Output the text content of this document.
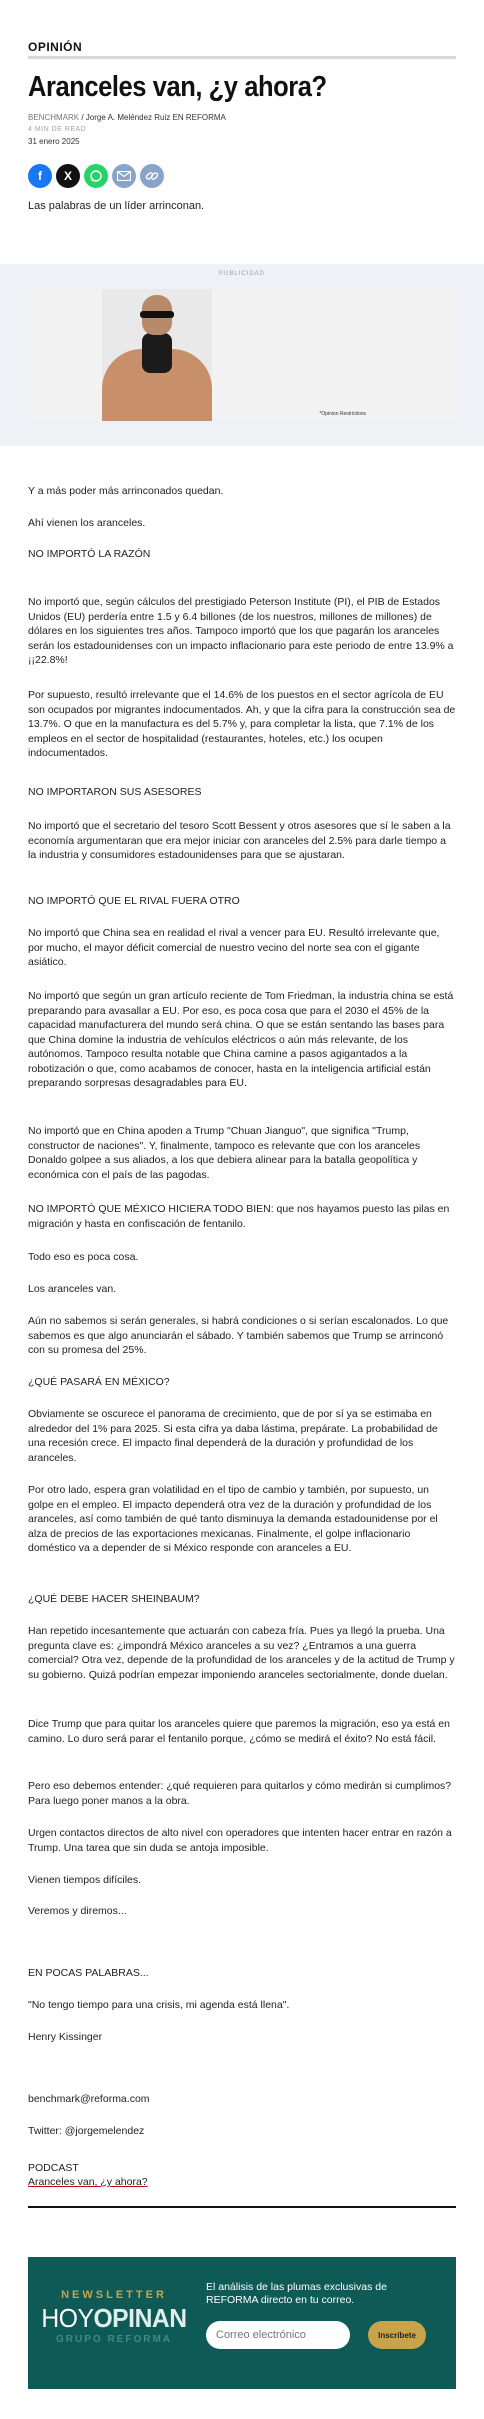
OPINIÓN
Aranceles van, ¿y ahora?
BENCHMARK / Jorge A. Meléndez Ruiz EN REFORMA
4 MIN DE READ
31 enero 2025
f	X
Las palabras de un líder arrinconan.
PUBLICIDAD
*Opinion Restrictions

Y a más poder más arrinconados quedan.

Ahí vienen los aranceles.

NO IMPORTÓ LA RAZÓN

No importó que, según cálculos del prestigiado Peterson Institute (PI), el PIB de Estados Unidos (EU) perdería entre 1.5 y 6.4 billones (de los nuestros, millones de millones) de dólares en los siguientes tres años. Tampoco importó que los que pagarán los aranceles serán los estadounidenses con un impacto inflacionario para este periodo de entre 13.9% a ¡¡22.8%!

Por supuesto, resultó irrelevante que el 14.6% de los puestos en el sector agrícola de EU son ocupados por migrantes indocumentados. Ah, y que la cifra para la construcción sea de 13.7%. O que en la manufactura es del 5.7% y, para completar la lista, que 7.1% de los empleos en el sector de hospitalidad (restaurantes, hoteles, etc.) los ocupen indocumentados.

NO IMPORTARON SUS ASESORES

No importó que el secretario del tesoro Scott Bessent y otros asesores que sí le saben a la economía argumentaran que era mejor iniciar con aranceles del 2.5% para darle tiempo a la industria y consumidores estadounidenses para que se ajustaran.

NO IMPORTÓ QUE EL RIVAL FUERA OTRO

No importó que China sea en realidad el rival a vencer para EU. Resultó irrelevante que, por mucho, el mayor déficit comercial de nuestro vecino del norte sea con el gigante asiático.

No importó que según un gran artículo reciente de Tom Friedman, la industria china se está preparando para avasallar a EU. Por eso, es poca cosa que para el 2030 el 45% de la capacidad manufacturera del mundo será china. O que se están sentando las bases para que China domine la industria de vehículos eléctricos o aún más relevante, de los autónomos. Tampoco resulta notable que China camine a pasos agigantados a la robotización o que, como acabamos de conocer, hasta en la inteligencia artificial están preparando sorpresas desagradables para EU.

No importó que en China apoden a Trump "Chuan Jianguo", que significa "Trump, constructor de naciones". Y, finalmente, tampoco es relevante que con los aranceles Donaldo golpee a sus aliados, a los que debiera alinear para la batalla geopolítica y económica con el país de las pagodas.

NO IMPORTÓ QUE MÉXICO HICIERA TODO BIEN: que nos hayamos puesto las pilas en migración y hasta en confiscación de fentanilo.

Todo eso es poca cosa.

Los aranceles van.

Aún no sabemos si serán generales, si habrá condiciones o si serían escalonados. Lo que sabemos es que algo anunciarán el sábado. Y también sabemos que Trump se arrinconó con su promesa del 25%.

¿QUÉ PASARÁ EN MÉXICO?

Obviamente se oscurece el panorama de crecimiento, que de por sí ya se estimaba en alrededor del 1% para 2025. Si esta cifra ya daba lástima, prepárate. La probabilidad de una recesión crece. El impacto final dependerá de la duración y profundidad de los aranceles.

Por otro lado, espera gran volatilidad en el tipo de cambio y también, por supuesto, un golpe en el empleo. El impacto dependerá otra vez de la duración y profundidad de los aranceles, así como también de qué tanto disminuya la demanda estadounidense por el alza de precios de las exportaciones mexicanas. Finalmente, el golpe inflacionario doméstico va a depender de si México responde con aranceles a EU.

¿QUÉ DEBE HACER SHEINBAUM?

Han repetido incesantemente que actuarán con cabeza fría. Pues ya llegó la prueba. Una pregunta clave es: ¿impondrá México aranceles a su vez? ¿Entramos a una guerra comercial? Otra vez, depende de la profundidad de los aranceles y de la actitud de Trump y su gobierno. Quizá podrían empezar imponiendo aranceles sectorialmente, donde duelan.

Dice Trump que para quitar los aranceles quiere que paremos la migración, eso ya está en camino. Lo duro será parar el fentanilo porque, ¿cómo se medirá el éxito? No está fácil.

Pero eso debemos entender: ¿qué requieren para quitarlos y cómo medirán si cumplimos? Para luego poner manos a la obra.

Urgen contactos directos de alto nivel con operadores que intenten hacer entrar en razón a Trump. Una tarea que sin duda se antoja imposible.

Vienen tiempos difíciles.

Veremos y diremos...

EN POCAS PALABRAS...

"No tengo tiempo para una crisis, mi agenda está llena".

Henry Kissinger

benchmark@reforma.com

Twitter: @jorgemelendez

PODCAST
Aranceles van, ¿y ahora?
NEWSLETTER
HOYOPINAN
GRUPO REFORMA
El análisis de las plumas exclusivas de REFORMA directo en tu correo.
Correo electrónico
Inscríbete
